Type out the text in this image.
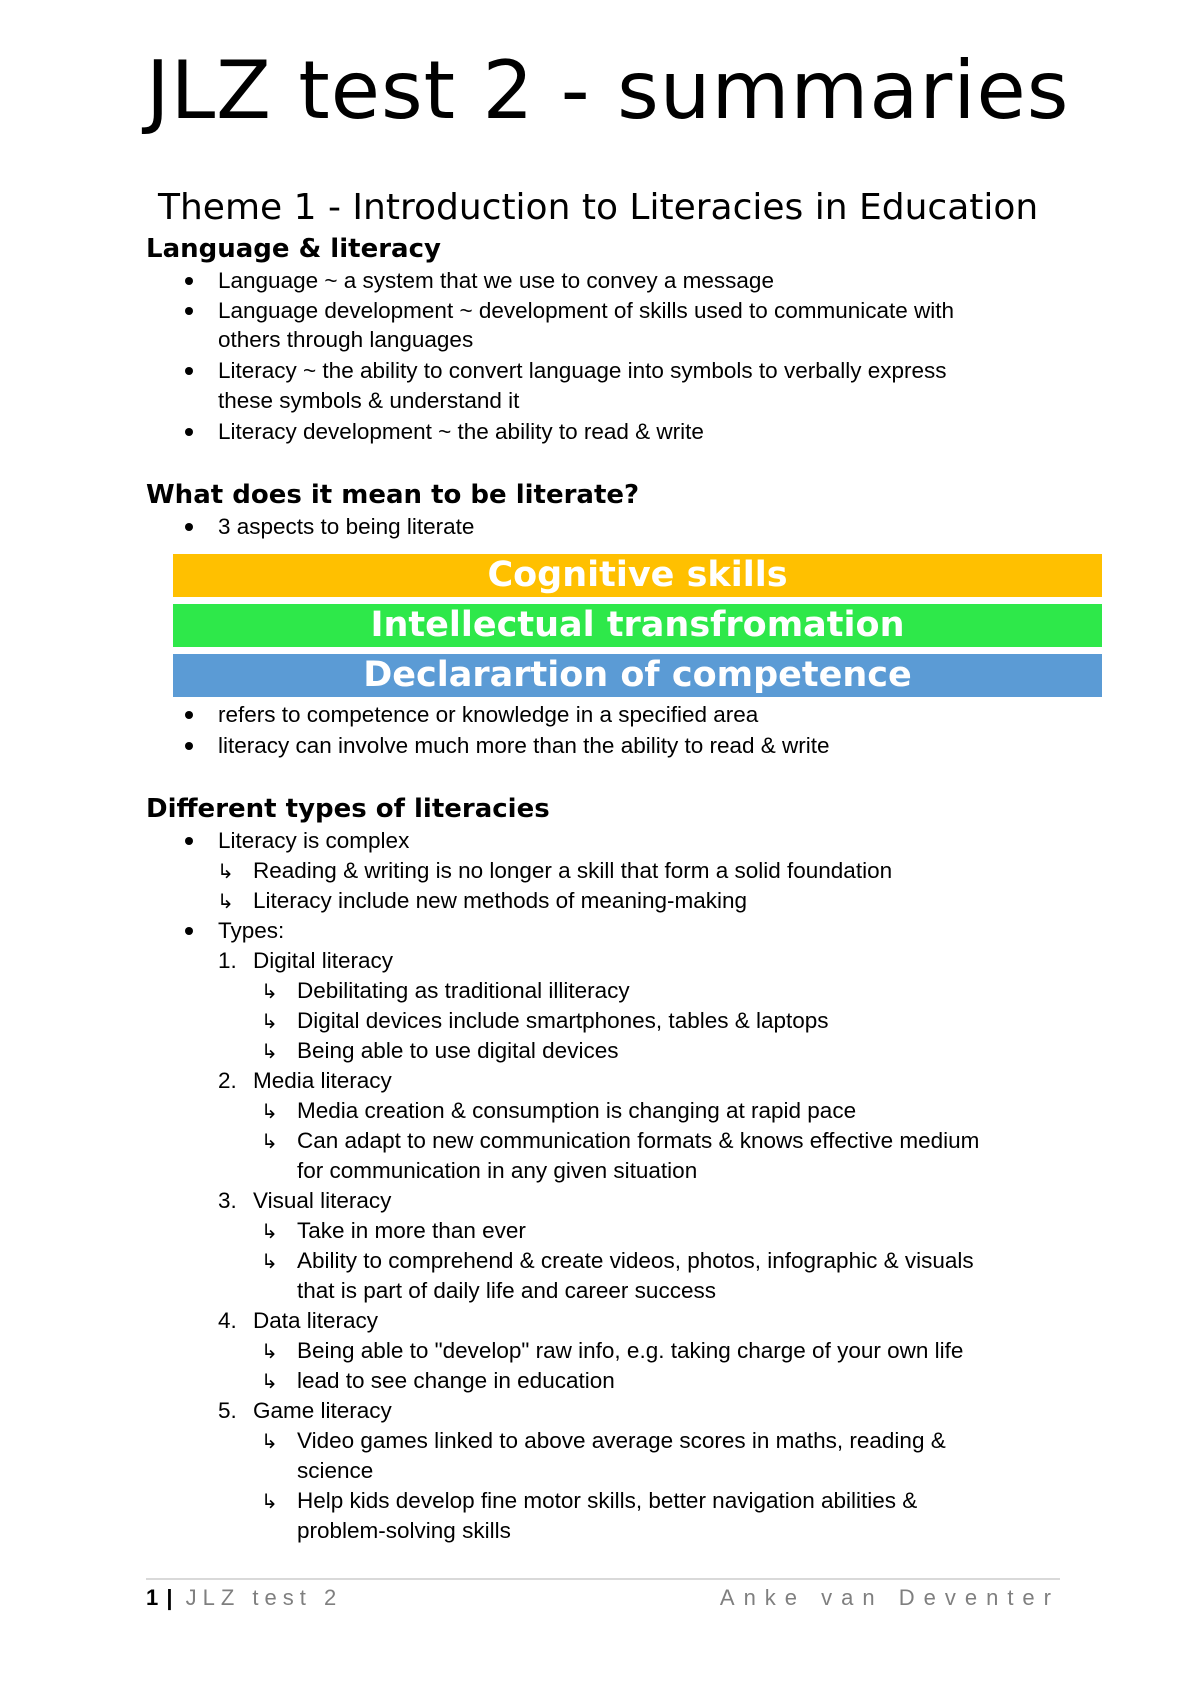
JLZ test 2 - summaries
Theme 1 - Introduction to Literacies in Education
Language & literacy
Language ~ a system that we use to convey a message
Language development ~ development of skills used to communicate with
others through languages
Literacy ~ the ability to convert language into symbols to verbally express
these symbols & understand it
Literacy development ~ the ability to read & write
What does it mean to be literate?
3 aspects to being literate
Cognitive skills
Intellectual transfromation
Declarartion of competence
refers to competence or knowledge in a specified area
literacy can involve much more than the ability to read & write
Different types of literacies
Literacy is complex
↳ Reading & writing is no longer a skill that form a solid foundation
↳ Literacy include new methods of meaning-making
Types:
1. Digital literacy
↳ Debilitating as traditional illiteracy
↳ Digital devices include smartphones, tables & laptops
↳ Being able to use digital devices
2. Media literacy
↳ Media creation & consumption is changing at rapid pace
↳ Can adapt to new communication formats & knows effective medium
for communication in any given situation
3. Visual literacy
↳ Take in more than ever
↳ Ability to comprehend & create videos, photos, infographic & visuals
that is part of daily life and career success
4. Data literacy
↳ Being able to "develop" raw info, e.g. taking charge of your own life
↳ lead to see change in education
5. Game literacy
↳ Video games linked to above average scores in maths, reading &
science
↳ Help kids develop fine motor skills, better navigation abilities &
problem-solving skills
1 | JLZ test 2	Anke van Deventer
